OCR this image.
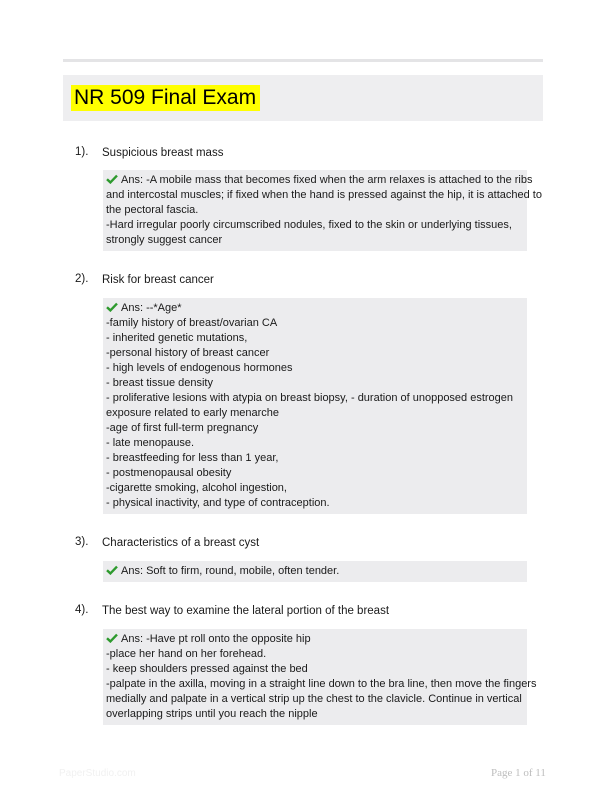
NR 509 Final Exam
1). Suspicious breast mass
Ans: -A mobile mass that becomes fixed when the arm relaxes is attached to the ribs
and intercostal muscles; if fixed when the hand is pressed against the hip, it is attached to
the pectoral fascia.
-Hard irregular poorly circumscribed nodules, fixed to the skin or underlying tissues,
strongly suggest cancer
2). Risk for breast cancer
Ans: --*Age*
-family history of breast/ovarian CA
- inherited genetic mutations,
-personal history of breast cancer
- high levels of endogenous hormones
- breast tissue density
- proliferative lesions with atypia on breast biopsy, - duration of unopposed estrogen
exposure related to early menarche
-age of first full-term pregnancy
- late menopause.
- breastfeeding for less than 1 year,
- postmenopausal obesity
-cigarette smoking, alcohol ingestion,
- physical inactivity, and type of contraception.
3). Characteristics of a breast cyst
Ans: Soft to firm, round, mobile, often tender.
4). The best way to examine the lateral portion of the breast
Ans: -Have pt roll onto the opposite hip
-place her hand on her forehead.
- keep shoulders pressed against the bed
-palpate in the axilla, moving in a straight line down to the bra line, then move the fingers
medially and palpate in a vertical strip up the chest to the clavicle. Continue in vertical
overlapping strips until you reach the nipple
PaperStudio.com	Page 1 of 11
